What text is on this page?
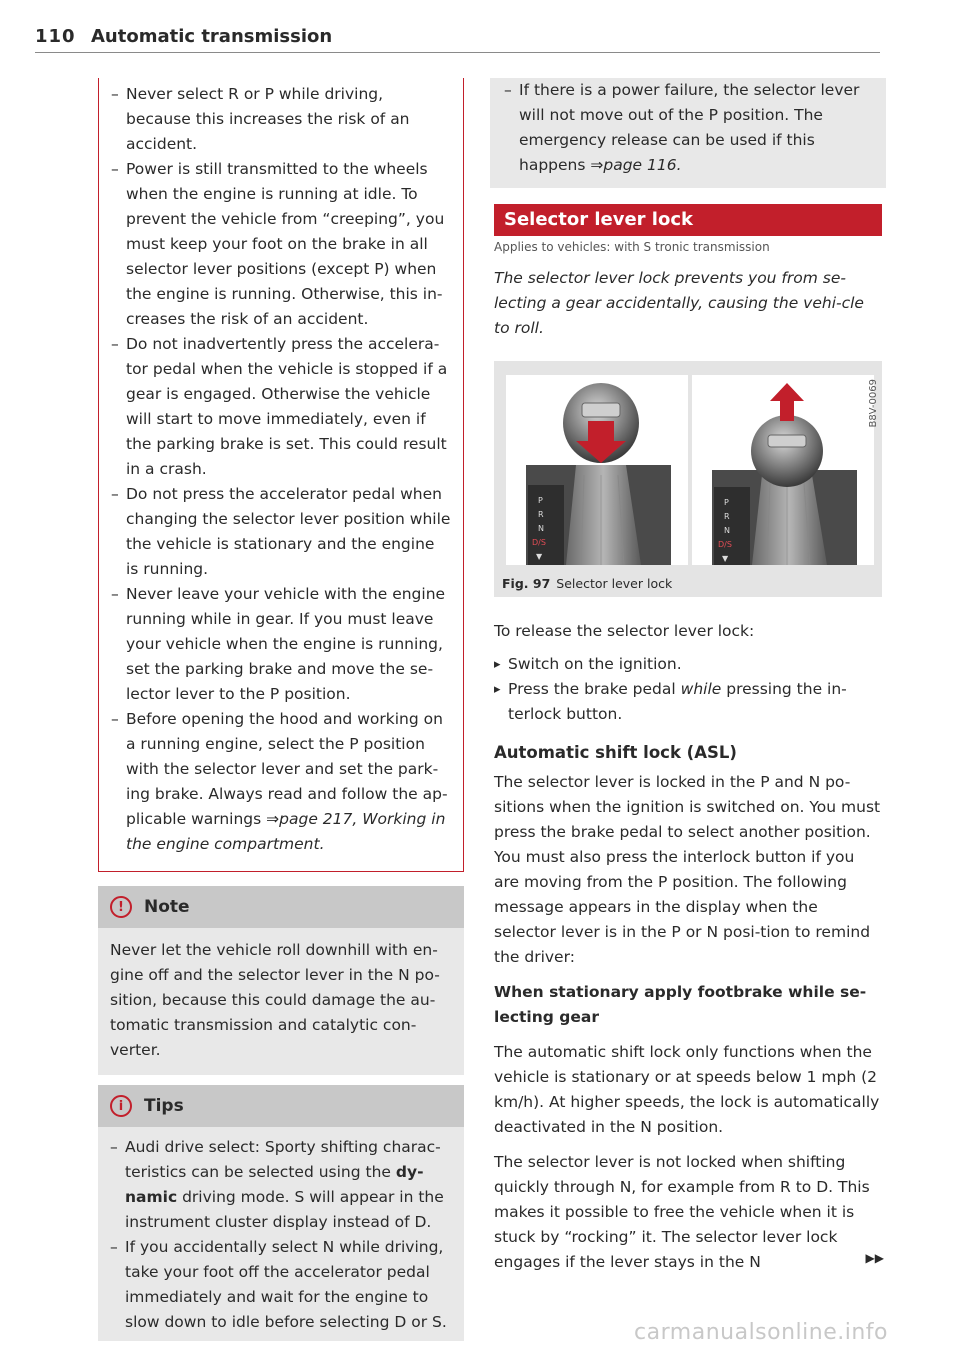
110 Automatic transmission
– Never select R or P while driving, because this increases the risk of an accident.
– Power is still transmitted to the wheels when the engine is running at idle. To prevent the vehicle from “creeping”, you must keep your foot on the brake in all selector lever positions (except P) when the engine is running. Otherwise, this in-creases the risk of an accident.
– Do not inadvertently press the accelera-tor pedal when the vehicle is stopped if a gear is engaged. Otherwise the vehicle will start to move immediately, even if the parking brake is set. This could result in a crash.
– Do not press the accelerator pedal when changing the selector lever position while the vehicle is stationary and the engine is running.
– Never leave your vehicle with the engine running while in gear. If you must leave your vehicle when the engine is running, set the parking brake and move the se-lector lever to the P position.
– Before opening the hood and working on a running engine, select the P position with the selector lever and set the park-ing brake. Always read and follow the ap-plicable warnings ⇒page 217, Working in the engine compartment.
!	Note
Never let the vehicle roll downhill with en-gine off and the selector lever in the N po-sition, because this could damage the au-tomatic transmission and catalytic con-verter.
i	Tips
– Audi drive select: Sporty shifting charac-teristics can be selected using the dy-namic driving mode. S will appear in the instrument cluster display instead of D.
– If you accidentally select N while driving, take your foot off the accelerator pedal immediately and wait for the engine to slow down to idle before selecting D or S.
– If there is a power failure, the selector lever will not move out of the P position. The emergency release can be used if this happens ⇒page 116.
Selector lever lock
Applies to vehicles: with S tronic transmission
The selector lever lock prevents you from se-lecting a gear accidentally, causing the vehi-cle to roll.
P
R
N
D/S
▼
P
R
N
D/S
▼
B8V-0069
Fig. 97 Selector lever lock

To release the selector lever lock:

▸ Switch on the ignition.
▸ Press the brake pedal while pressing the in-terlock button.
Automatic shift lock (ASL)

The selector lever is locked in the P and N po-sitions when the ignition is switched on. You must press the brake pedal to select another position. You must also press the interlock button if you are moving from the P position. The following message appears in the display when the selector lever is in the P or N posi-tion to remind the driver:

When stationary apply footbrake while se-lecting gear

The automatic shift lock only functions when the vehicle is stationary or at speeds below 1 mph (2 km/h). At higher speeds, the lock is automatically deactivated in the N position.

The selector lever is not locked when shifting quickly through N, for example from R to D. This makes it possible to free the vehicle when it is stuck by “rocking” it. The selector lever lock engages if the lever stays in the N	▶▶

carmanualsonline.info
